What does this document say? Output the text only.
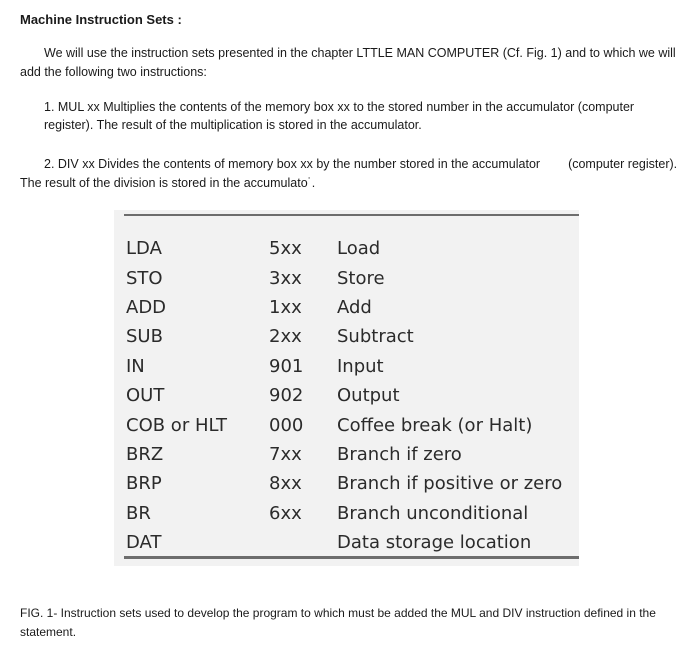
Machine Instruction Sets :
We will use the instruction sets presented in the chapter LTTLE MAN COMPUTER (Cf. Fig. 1) and to which we will add the following two instructions:
1. MUL xx Multiplies the contents of the memory box xx to the stored number in the accumulator (computer register). The result of the multiplication is stored in the accumulator.
2. DIV xx Divides the contents of memory box xx by the number stored in the accumulator (computer register). The result of the division is stored in the accumulato˙.
LDA	5xx	Load
STO	3xx	Store
ADD	1xx	Add
SUB	2xx	Subtract
IN	901	Input
OUT	902	Output
COB or HLT	000	Coffee break (or Halt)
BRZ	7xx	Branch if zero
BRP	8xx	Branch if positive or zero
BR	6xx	Branch unconditional
DAT		Data storage location
FIG. 1- Instruction sets used to develop the program to which must be added the MUL and DIV instruction defined in the statement.
